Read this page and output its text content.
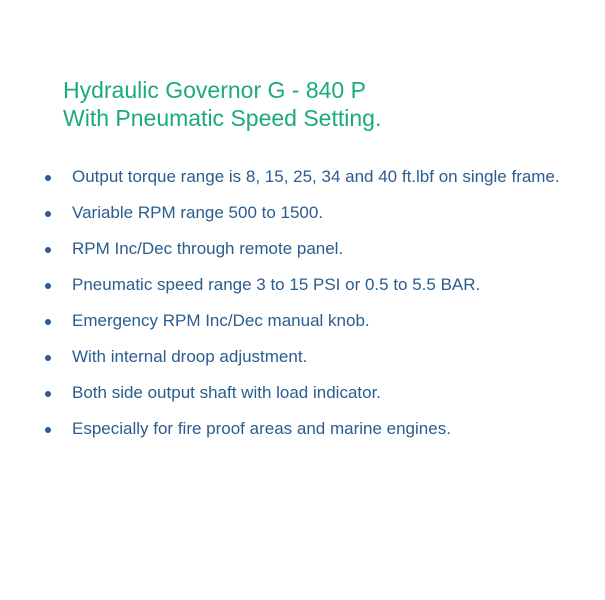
Hydraulic Governor G - 840 P
With Pneumatic Speed Setting.
Output torque range is 8, 15, 25, 34 and 40 ft.lbf on single frame.
Variable RPM range 500 to 1500.
RPM Inc/Dec through remote panel.
Pneumatic speed range 3 to 15 PSI or 0.5 to 5.5 BAR.
Emergency RPM Inc/Dec manual knob.
With internal droop adjustment.
Both side output shaft with load indicator.
Especially for fire proof areas and marine engines.
